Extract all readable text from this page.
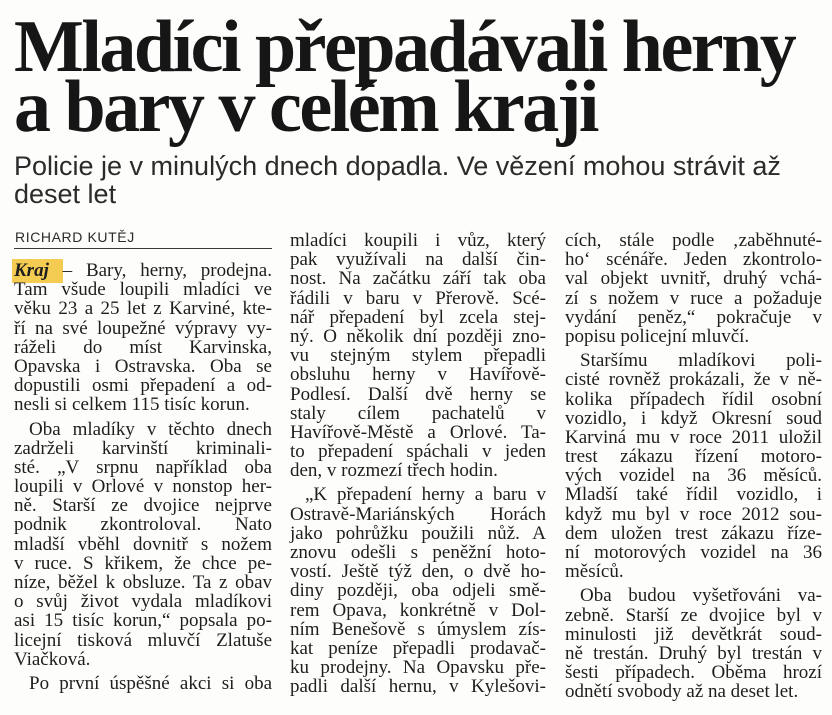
Mladíci přepadávali herny
a bary v celém kraji
Policie je v minulých dnech dopadla. Ve vězení mohou strávit až
deset let
RICHARD KUTĚJ
Kraj – Bary, herny, prodejna.
Tam všude loupili mladíci ve
věku 23 a 25 let z Karviné, kte-
ří na své loupežné výpravy vy-
ráželi do míst Karvinska,
Opavska i Ostravska. Oba se
dopustili osmi přepadení a od-
nesli si celkem 115 tisíc korun.
Oba mladíky v těchto dnech
zadrželi karvinští kriminali-
sté. „V srpnu například oba
loupili v Orlové v nonstop her-
ně. Starší ze dvojice nejprve
podnik zkontroloval. Nato
mladší vběhl dovnitř s nožem
v ruce. S křikem, že chce pe-
níze, běžel k obsluze. Ta z obav
o svůj život vydala mladíkovi
asi 15 tisíc korun,“ popsala po-
licejní tisková mluvčí Zlatuše
Viačková.
Po první úspěšné akci si oba
mladíci koupili i vůz, který
pak využívali na další čin-
nost. Na začátku září tak oba
řádili v baru v Přerově. Scé-
nář přepadení byl zcela stej-
ný. O několik dní později zno-
vu stejným stylem přepadli
obsluhu herny v Havířově-
Podlesí. Další dvě herny se
staly cílem pachatelů v
Havířově-Městě a Orlové. Ta-
to přepadení spáchali v jeden
den, v rozmezí třech hodin.
„K přepadení herny a baru v
Ostravě-Mariánských Horách
jako pohrůžku použili nůž. A
znovu odešli s peněžní hoto-
vostí. Ještě týž den, o dvě ho-
diny později, oba odjeli smě-
rem Opava, konkrétně v Dol-
ním Benešově s úmyslem zís-
kat peníze přepadli prodavač-
ku prodejny. Na Opavsku pře-
padli další hernu, v Kylešovi-
cích, stále podle ‚zaběhnuté-
ho‘ scénáře. Jeden zkontrolo-
val objekt uvnitř, druhý vchá-
zí s nožem v ruce a požaduje
vydání peněz,“ pokračuje v
popisu policejní mluvčí.
Staršímu mladíkovi poli-
cisté rovněž prokázali, že v ně-
kolika případech řídil osobní
vozidlo, i když Okresní soud
Karviná mu v roce 2011 uložil
trest zákazu řízení motoro-
vých vozidel na 36 měsíců.
Mladší také řídil vozidlo, i
když mu byl v roce 2012 sou-
dem uložen trest zákazu říze-
ní motorových vozidel na 36
měsíců.
Oba budou vyšetřováni va-
zebně. Starší ze dvojice byl v
minulosti již devětkrát soud-
ně trestán. Druhý byl trestán v
šesti případech. Oběma hrozí
odnětí svobody až na deset let.
